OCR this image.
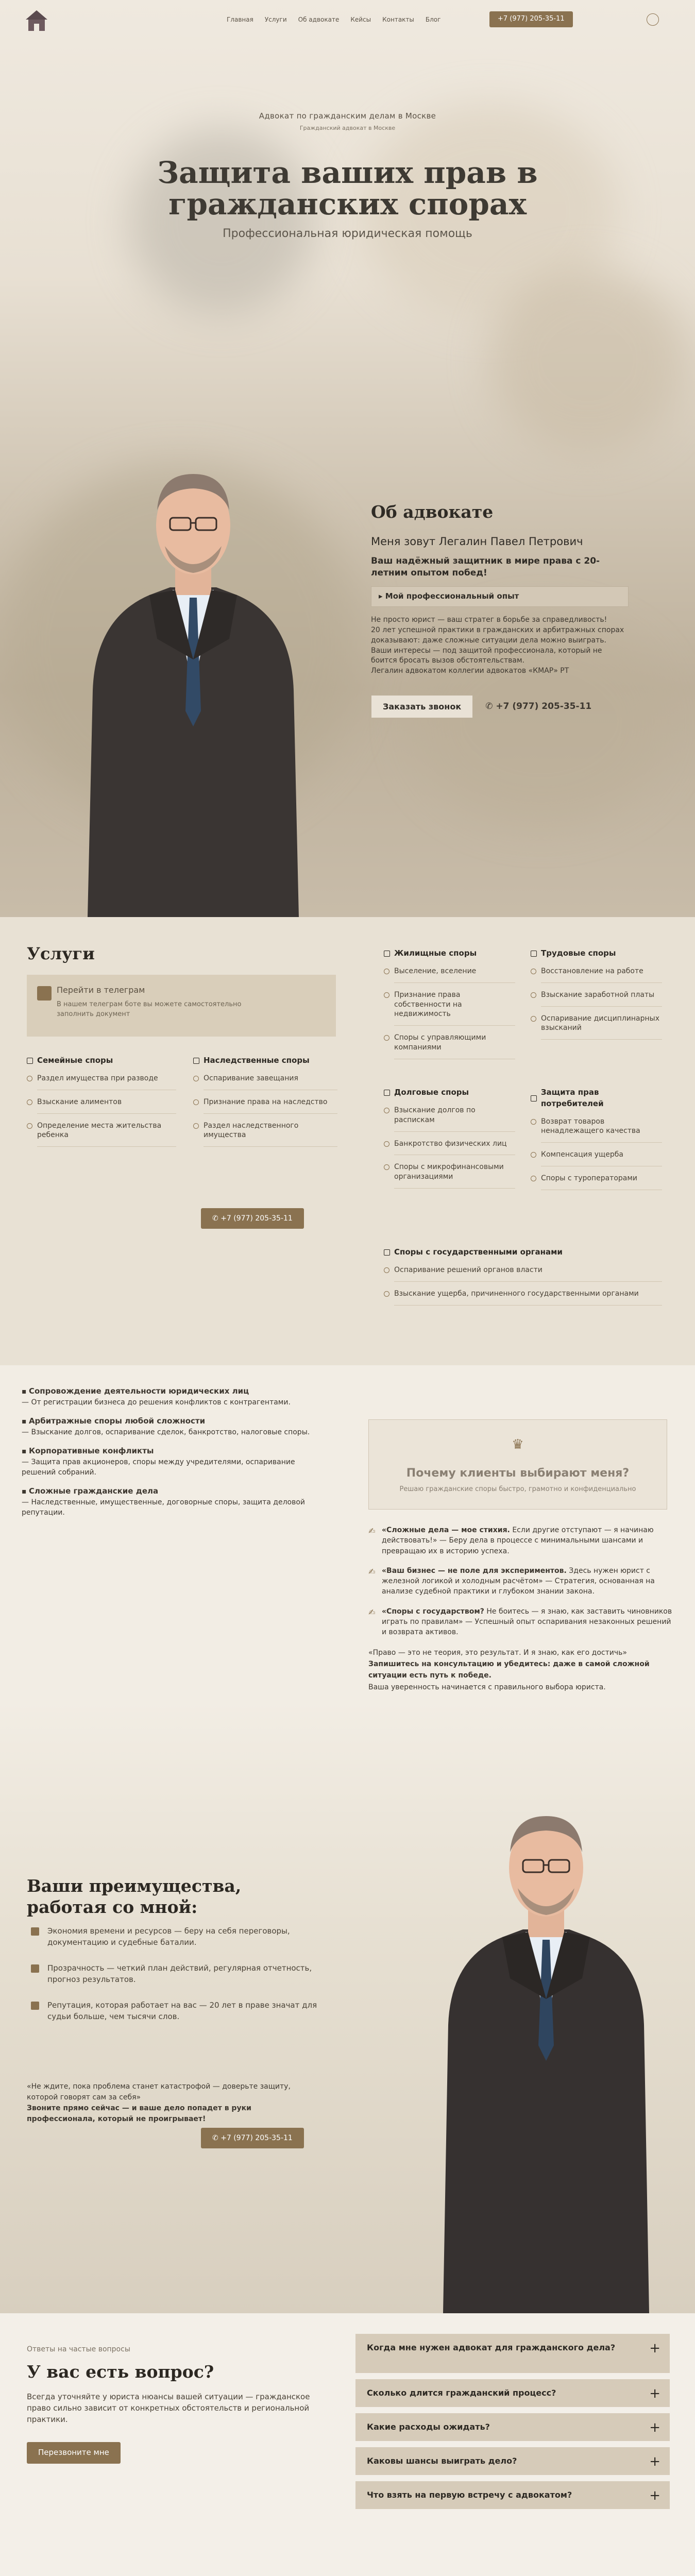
Главная Услуги Об адвокате Кейсы Контакты Блог	+7 (977) 205-35-11
Адвокат по гражданским делам в Москве
Гражданский адвокат в Москве
Защита ваших прав в
гражданских спорах
Профессиональная юридическая помощь
Об адвокате
Меня зовут Легалин Павел Петрович
Ваш надёжный защитник в мире права с 20-летним опытом побед!
▸ Мой профессиональный опыт
Не просто юрист — ваш стратег в борьбе за справедливость!
20 лет успешной практики в гражданских и арбитражных спорах доказывают: даже сложные ситуации дела можно выиграть.
Ваши интересы — под защитой профессионала, который не боится бросать вызов обстоятельствам.
Легалин адвокатом коллегии адвокатов «КМАР» РТ
Заказать звонок	✆ +7 (977) 205-35-11
Услуги
Перейти в телеграм
В нашем телеграм боте вы можете самостоятельно заполнить документ
Семейные споры
Раздел имущества при разводе
Взыскание алиментов
Определение места жительства ребенка
Наследственные споры
Оспаривание завещания
Признание права на наследство
Раздел наследственного имущества
✆ +7 (977) 205-35-11
Жилищные споры
Выселение, вселение
Признание права собственности на недвижимость
Споры с управляющими компаниями
Трудовые споры
Восстановление на работе
Взыскание заработной платы
Оспаривание дисциплинарных взысканий
Долговые споры
Взыскание долгов по распискам
Банкротство физических лиц
Споры с микрофинансовыми организациями
Защита прав потребителей
Возврат товаров ненадлежащего качества
Компенсация ущерба
Споры с туроператорами
Споры с государственными органами
Оспаривание решений органов власти
Взыскание ущерба, причиненного государственными органами
▪ Сопровождение деятельности юридических лиц
— От регистрации бизнеса до решения конфликтов с контрагентами.
▪ Арбитражные споры любой сложности
— Взыскание долгов, оспаривание сделок, банкротство, налоговые споры.
▪ Корпоративные конфликты
— Защита прав акционеров, споры между учредителями, оспаривание решений собраний.
▪ Сложные гражданские дела
— Наследственные, имущественные, договорные споры, защита деловой репутации.
♛
Почему клиенты выбирают меня?

Решаю гражданские споры быстро, грамотно и конфиденциально

✍ «Сложные дела — мое стихия. Если другие отступают — я начинаю действовать!» — Беру дела в процессе с минимальными шансами и превращаю их в историю успеха.
✍ «Ваш бизнес — не поле для экспериментов. Здесь нужен юрист с железной логикой и холодным расчётом» — Стратегия, основанная на анализе судебной практики и глубоком знании закона.
✍ «Споры с государством? Не боитесь — я знаю, как заставить чиновников играть по правилам» — Успешный опыт оспаривания незаконных решений и возврата активов.
«Право — это не теория, это результат. И я знаю, как его достичь»
Запишитесь на консультацию и убедитесь: даже в самой сложной ситуации есть путь к победе.
Ваша уверенность начинается с правильного выбора юриста.
Ваши преимущества, работая со мной:
Экономия времени и ресурсов — беру на себя переговоры, документацию и судебные баталии.
Прозрачность — четкий план действий, регулярная отчетность, прогноз результатов.
Репутация, которая работает на вас — 20 лет в праве значат для судьи больше, чем тысячи слов.
«Не ждите, пока проблема станет катастрофой — доверьте защиту, которой говорят сам за себя»
Звоните прямо сейчас — и ваше дело попадет в руки профессионала, который не проигрывает!
✆ +7 (977) 205-35-11
Ответы на частые вопросы
У вас есть вопрос?
Всегда уточняйте у юриста нюансы вашей ситуации — гражданское право сильно зависит от конкретных обстоятельств и региональной практики.
Перезвоните мне
Когда мне нужен адвокат для гражданского дела?	+
Сколько длится гражданский процесс?	+
Какие расходы ожидать?	+
Каковы шансы выиграть дело?	+
Что взять на первую встречу с адвокатом?	+
